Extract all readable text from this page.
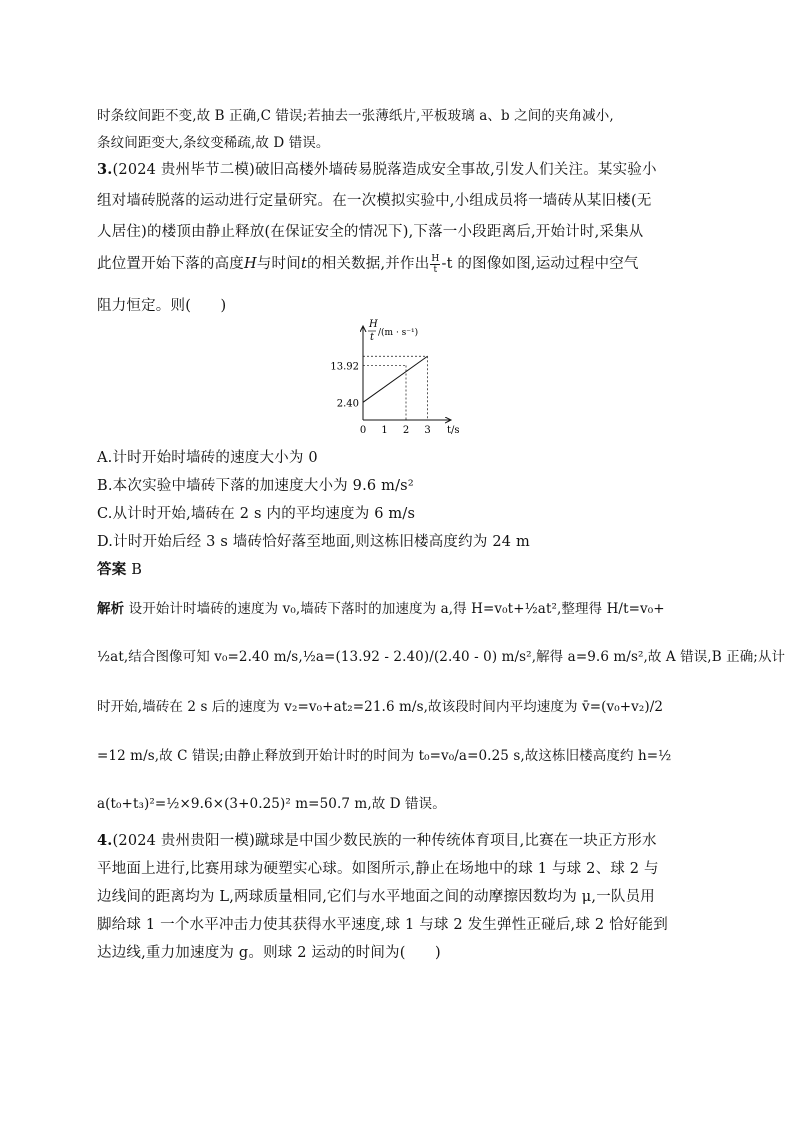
时条纹间距不变,故 B 正确,C 错误;若抽去一张薄纸片,平板玻璃 a、b 之间的夹角减小,
条纹间距变大,条纹变稀疏,故 D 错误。
3.(2024 贵州毕节二模)破旧高楼外墙砖易脱落造成安全事故,引发人们关注。某实验小
组对墙砖脱落的运动进行定量研究。在一次模拟实验中,小组成员将一墙砖从某旧楼(无
人居住)的楼顶由静止释放(在保证安全的情况下),下落一小段距离后,开始计时,采集从
此位置开始下落的高度H与时间t的相关数据,并作出 $\frac{H}{t} -t$ 的图像如图,运动过程中空气
阻力恒定。则(　　)
H
t /(m · s⁻¹)
t/s
2.40
13.92
0 1 2 3
A.计时开始时墙砖的速度大小为 0
B.本次实验中墙砖下落的加速度大小为 9.6 m/s²
C.从计时开始,墙砖在 2 s 内的平均速度为 6 m/s
D.计时开始后经 3 s 墙砖恰好落至地面,则这栋旧楼高度约为 24 m
答案 B
解析 设开始计时墙砖的速度为 v₀,墙砖下落时的加速度为 a,得 H=v₀t+½at²,整理得 H/t=v₀+
½at,结合图像可知 v₀=2.40 m/s,½a=(13.92 - 2.40)/(2.40 - 0) m/s²,解得 a=9.6 m/s²,故 A 错误,B 正确;从计
时开始,墙砖在 2 s 后的速度为 v₂=v₀+at₂=21.6 m/s,故该段时间内平均速度为 v̄=(v₀+v₂)/2
=12 m/s,故 C 错误;由静止释放到开始计时的时间为 t₀=v₀/a=0.25 s,故这栋旧楼高度约 h=½
a(t₀+t₃)²=½×9.6×(3+0.25)² m=50.7 m,故 D 错误。
4.(2024 贵州贵阳一模)蹴球是中国少数民族的一种传统体育项目,比赛在一块正方形水
平地面上进行,比赛用球为硬塑实心球。如图所示,静止在场地中的球 1 与球 2、球 2 与
边线间的距离均为 L,两球质量相同,它们与水平地面之间的动摩擦因数均为 μ,一队员用
脚给球 1 一个水平冲击力使其获得水平速度,球 1 与球 2 发生弹性正碰后,球 2 恰好能到
达边线,重力加速度为 g。则球 2 运动的时间为(　　)
